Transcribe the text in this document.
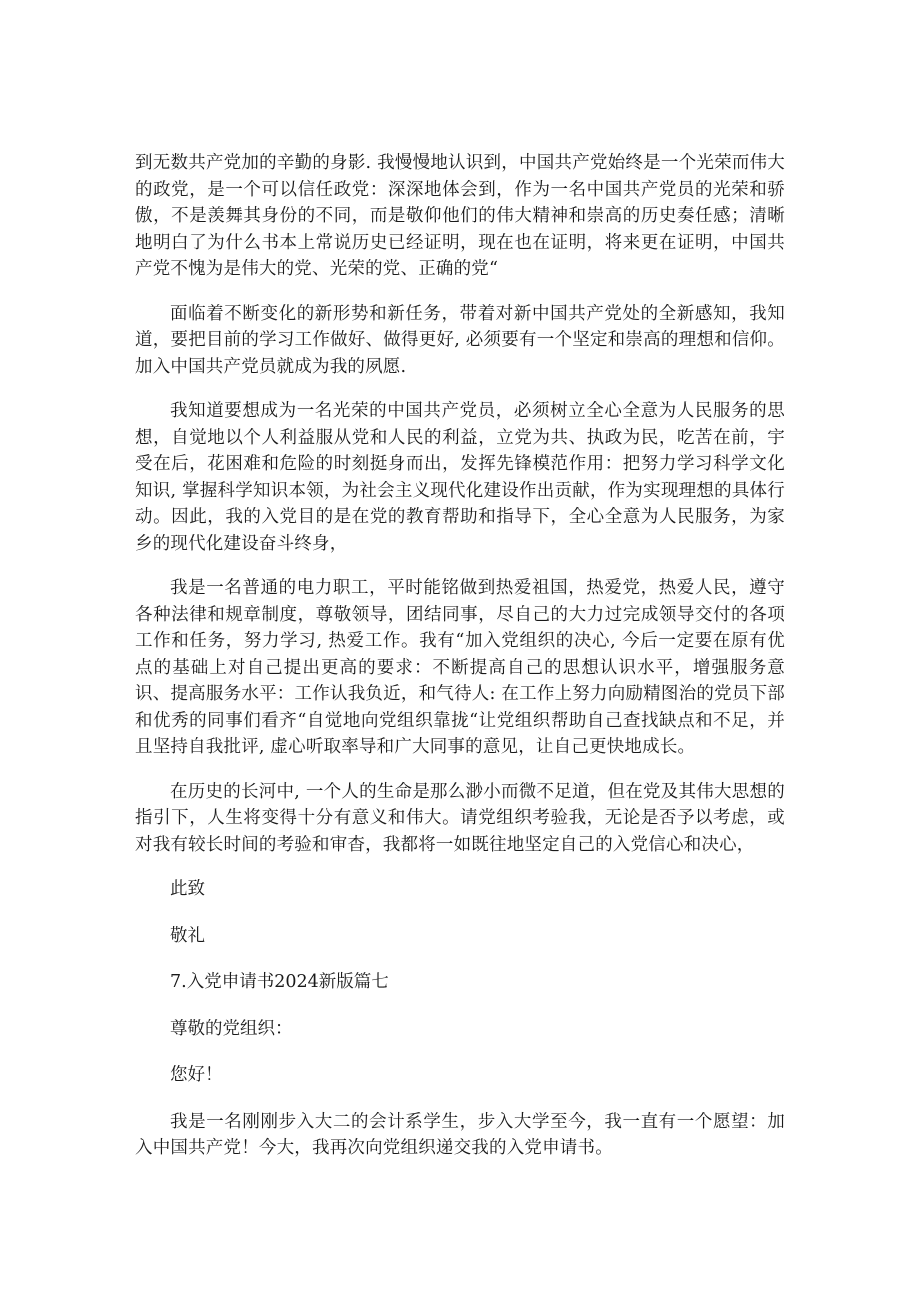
到无数共产党加的辛勤的身影. 我慢慢地认识到，中国共产党始终是一个光荣而伟大的政党，是一个可以信任政党：深深地体会到，作为一名中国共产党员的光荣和骄傲，不是羡舞其身份的不同，而是敬仰他们的伟大精神和崇高的历史奏任感；清晰地明白了为什么书本上常说历史已经证明，现在也在证明，将来更在证明，中国共产党不愧为是伟大的党、光荣的党、正确的党“

面临着不断变化的新形势和新任务，带着对新中国共产党处的全新感知，我知道，要把目前的学习工作做好、做得更好, 必须要有一个坚定和崇高的理想和信仰。加入中国共产党员就成为我的夙愿.

我知道要想成为一名光荣的中国共产党员，必须树立全心全意为人民服务的思想，自觉地以个人利益服从党和人民的利益，立党为共、执政为民，吃苦在前，宇受在后，花困难和危险的时刻挺身而出，发挥先锋模范作用：把努力学习科学文化知识, 掌握科学知识本领，为社会主义现代化建设作出贡献，作为实现理想的具体行动。因此，我的入党目的是在党的教育帮助和指导下，全心全意为人民服务，为家乡的现代化建设奋斗终身，

我是一名普通的电力职工，平时能铭做到热爱祖国，热爱党，热爱人民，遵守各种法律和规章制度，尊敬领导，团结同事，尽自己的大力过完成领导交付的各项工作和任务，努力学习, 热爱工作。我有“加入党组织的决心, 今后一定要在原有优点的基础上对自己提出更高的要求：不断提高自己的思想认识水平，增强服务意识、提高服务水平：工作认我负近，和气待人: 在工作上努力向励精图治的党员下部和优秀的同事们看齐“自觉地向党组织靠拢“让党组织帮助自己查找缺点和不足，并且坚持自我批评, 虚心听取率导和广大同事的意见，让自己更快地成长。

在历史的长河中, 一个人的生命是那么渺小而微不足道，但在党及其伟大思想的指引下，人生将变得十分有意义和伟大。请党组织考验我，无论是否予以考虑，或对我有较长时间的考验和审杳，我都将一如既往地坚定自己的入党信心和决心，

此致

敬礼

7.入党申请书2024新版篇七

尊敬的党组织：

您好！

我是一名刚刚步入大二的会计系学生，步入大学至今，我一直有一个愿望：加入中国共产党！今大，我再次向党组织递交我的入党申请书。
